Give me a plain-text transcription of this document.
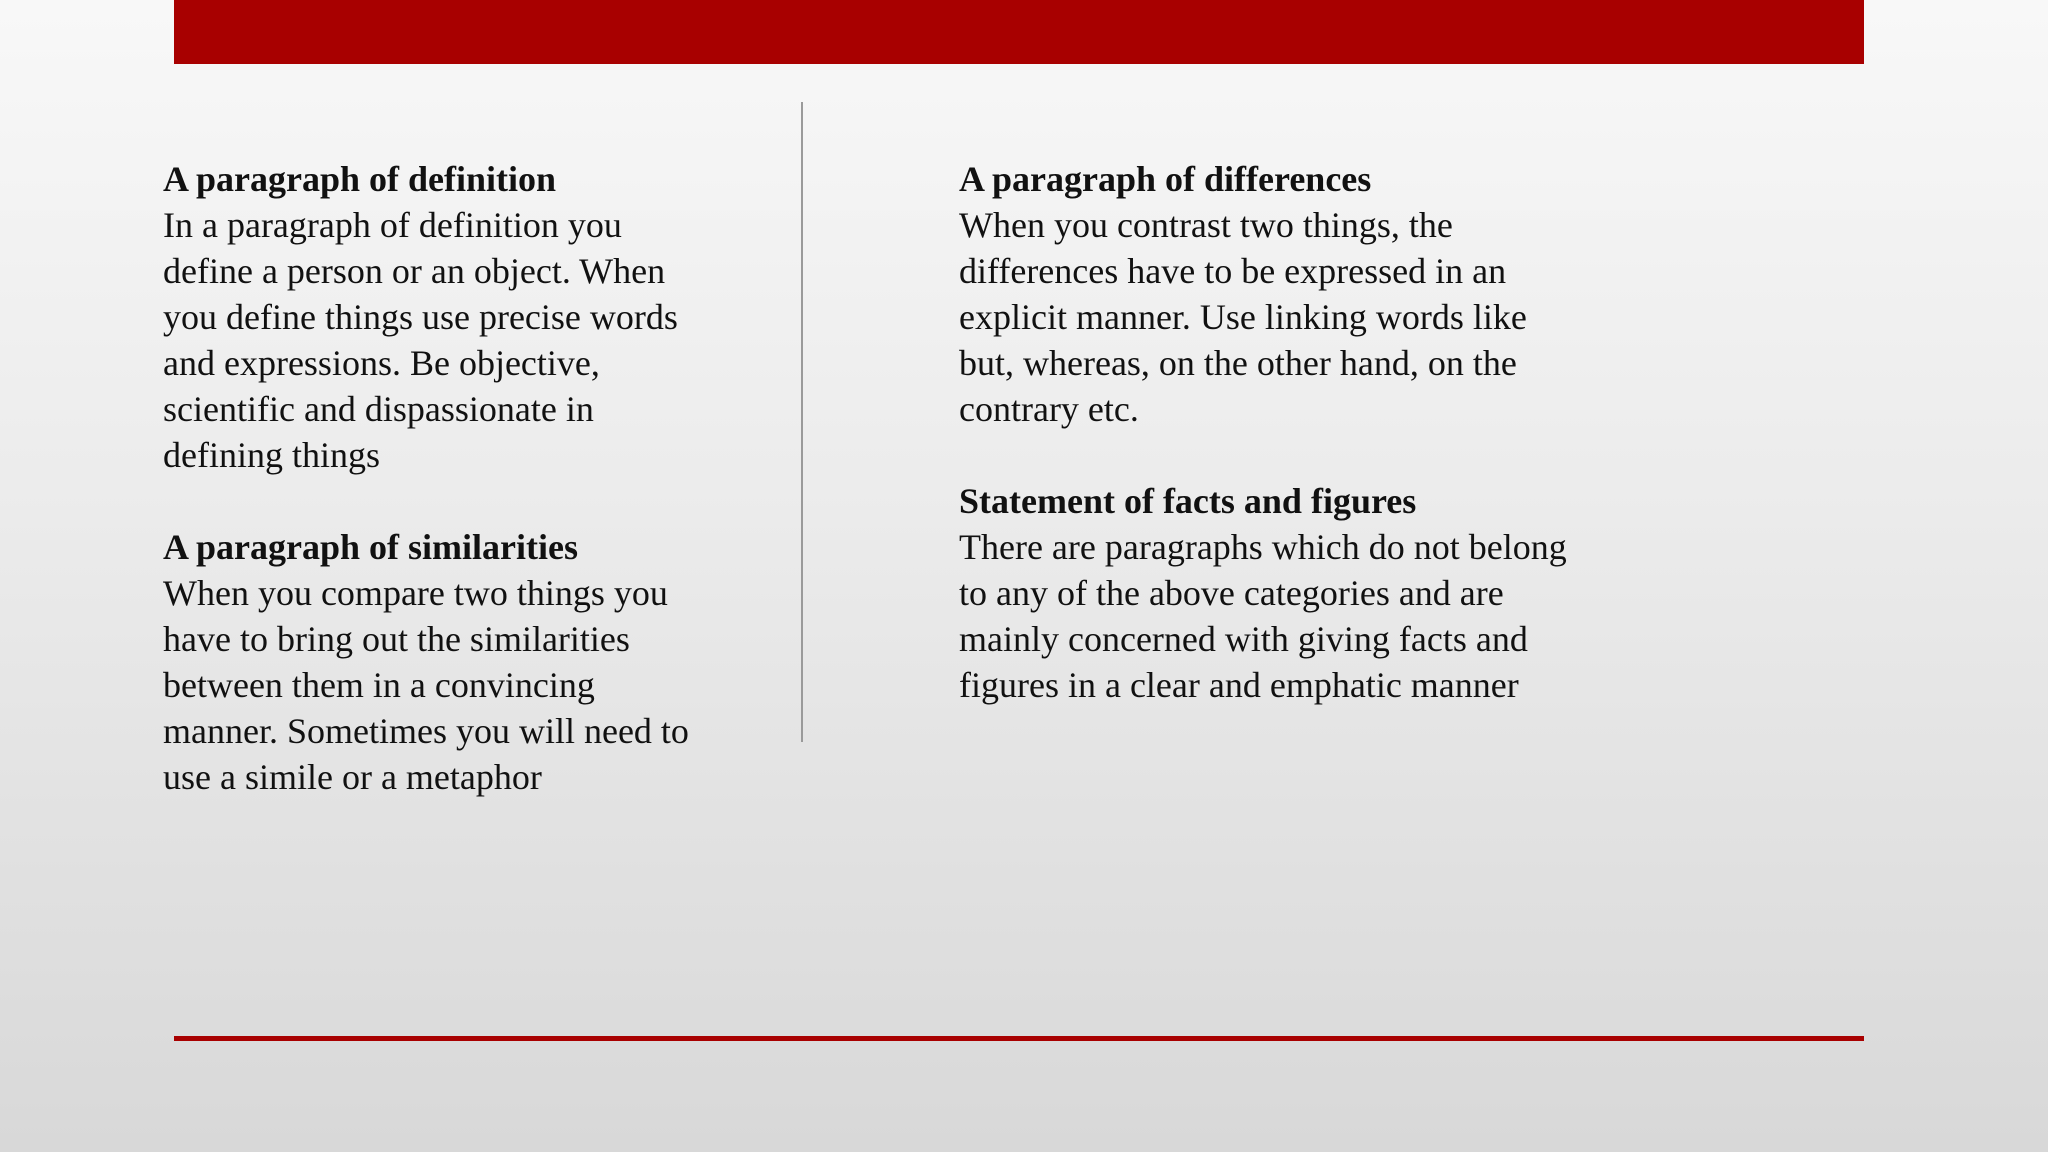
A paragraph of definition
In a paragraph of definition you
define a person or an object. When
you define things use precise words
and expressions. Be objective,
scientific and dispassionate in
defining things
A paragraph of similarities
When you compare two things you
have to bring out the similarities
between them in a convincing
manner. Sometimes you will need to
use a simile or a metaphor
A paragraph of differences
When you contrast two things, the
differences have to be expressed in an
explicit manner. Use linking words like
but, whereas, on the other hand, on the
contrary etc.
Statement of facts and figures
There are paragraphs which do not belong
to any of the above categories and are
mainly concerned with giving facts and
figures in a clear and emphatic manner
